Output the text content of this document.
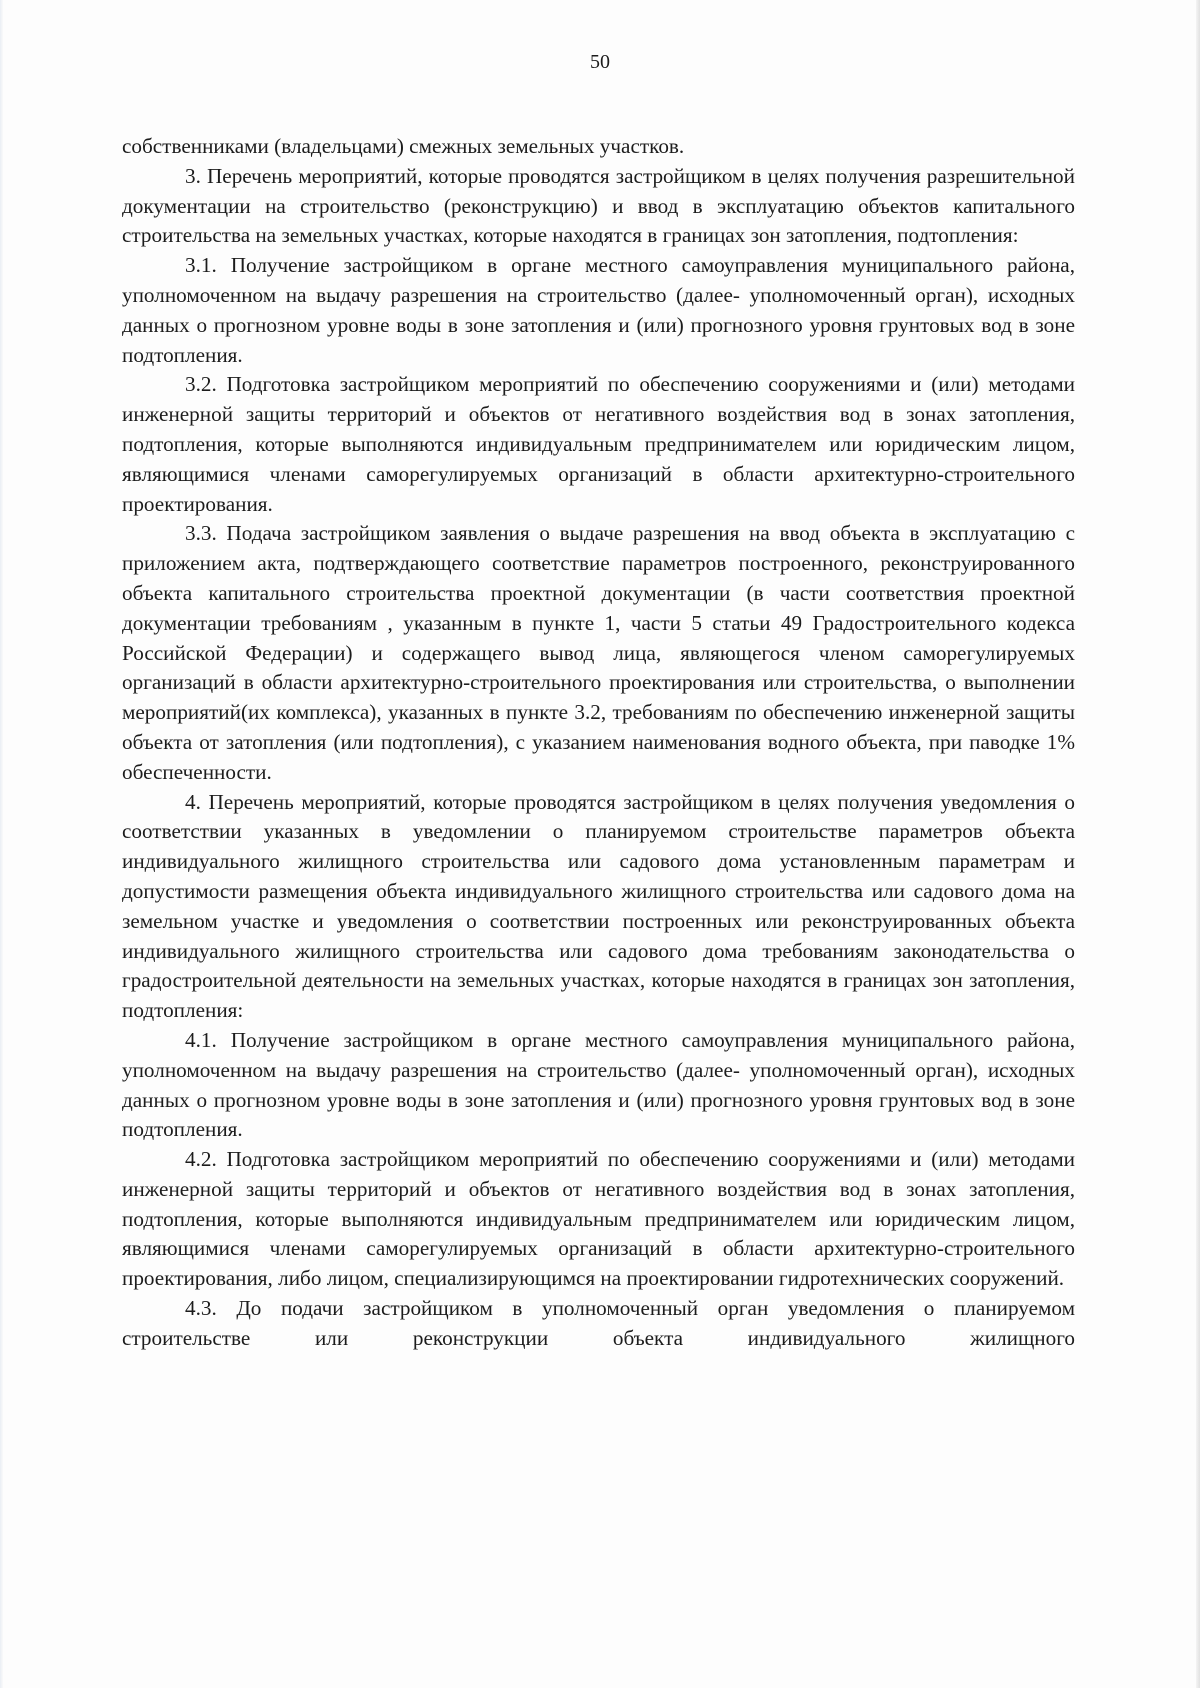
50

собственниками (владельцами) смежных земельных участков.

3. Перечень мероприятий, которые проводятся застройщиком в целях получения разрешительной документации на строительство (реконструкцию) и ввод в эксплуатацию объектов капитального строительства на земельных участках, которые находятся в границах зон затопления, подтопления:

3.1. Получение застройщиком в органе местного самоуправления муниципального района, уполномоченном на выдачу разрешения на строительство (далее- уполномоченный орган), исходных данных о прогнозном уровне воды в зоне затопления и (или) прогнозного уровня грунтовых вод в зоне подтопления.

3.2. Подготовка застройщиком мероприятий по обеспечению сооружениями и (или) методами инженерной защиты территорий и объектов от негативного воздействия вод в зонах затопления, подтопления, которые выполняются индивидуальным предпринимателем или юридическим лицом, являющимися членами саморегулируемых организаций в области архитектурно-строительного проектирования.

3.3. Подача застройщиком заявления о выдаче разрешения на ввод объекта в эксплуатацию с приложением акта, подтверждающего соответствие параметров построенного, реконструированного объекта капитального строительства проектной документации (в части соответствия проектной документации требованиям , указанным в пункте 1, части 5 статьи 49 Градостроительного кодекса Российской Федерации) и содержащего вывод лица, являющегося членом саморегулируемых организаций в области архитектурно-строительного проектирования или строительства, о выполнении мероприятий(их комплекса), указанных в пункте 3.2, требованиям по обеспечению инженерной защиты объекта от затопления (или подтопления), с указанием наименования водного объекта, при паводке 1% обеспеченности.

4. Перечень мероприятий, которые проводятся застройщиком в целях получения уведомления о соответствии указанных в уведомлении о планируемом строительстве параметров объекта индивидуального жилищного строительства или садового дома установленным параметрам и допустимости размещения объекта индивидуального жилищного строительства или садового дома на земельном участке и уведомления о соответствии построенных или реконструированных объекта индивидуального жилищного строительства или садового дома требованиям законодательства о градостроительной деятельности на земельных участках, которые находятся в границах зон затопления, подтопления:

4.1. Получение застройщиком в органе местного самоуправления муниципального района, уполномоченном на выдачу разрешения на строительство (далее- уполномоченный орган), исходных данных о прогнозном уровне воды в зоне затопления и (или) прогнозного уровня грунтовых вод в зоне подтопления.

4.2. Подготовка застройщиком мероприятий по обеспечению сооружениями и (или) методами инженерной защиты территорий и объектов от негативного воздействия вод в зонах затопления, подтопления, которые выполняются индивидуальным предпринимателем или юридическим лицом, являющимися членами саморегулируемых организаций в области архитектурно-строительного проектирования, либо лицом, специализирующимся на проектировании гидротехнических сооружений.

4.3. До подачи застройщиком в уполномоченный орган уведомления о планируемом строительстве или реконструкции объекта индивидуального жилищного
